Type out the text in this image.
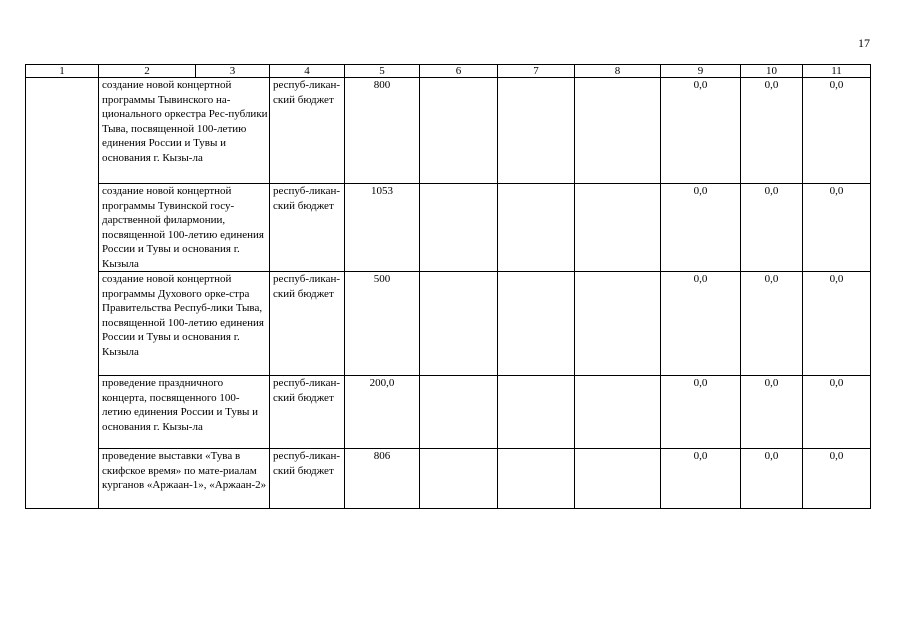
17
1	2	3	4	5	6	7	8	9	10	11
	создание новой концертной программы Тывинского на-ционального оркестра Рес-публики Тыва, посвященной 100-летию единения России и Тувы и основания г. Кызы-ла		респуб-ликан-ский бюджет	800				0,0	0,0	0,0
	создание новой концертной программы Тувинской госу-дарственной филармонии, посвященной 100-летию единения России и Тувы и основания г. Кызыла		респуб-ликан-ский бюджет	1053				0,0	0,0	0,0
	создание новой концертной программы Духового орке-стра Правительства Респуб-лики Тыва, посвященной 100-летию единения России и Тувы и основания г. Кызыла		респуб-ликан-ский бюджет	500				0,0	0,0	0,0
	проведение праздничного концерта, посвященного 100-летию единения России и Тувы и основания г. Кызы-ла		респуб-ликан-ский бюджет	200,0				0,0	0,0	0,0
	проведение выставки «Тува в скифское время» по мате-риалам курганов «Аржаан-1», «Аржаан-2»		респуб-ликан-ский бюджет	806				0,0	0,0	0,0
